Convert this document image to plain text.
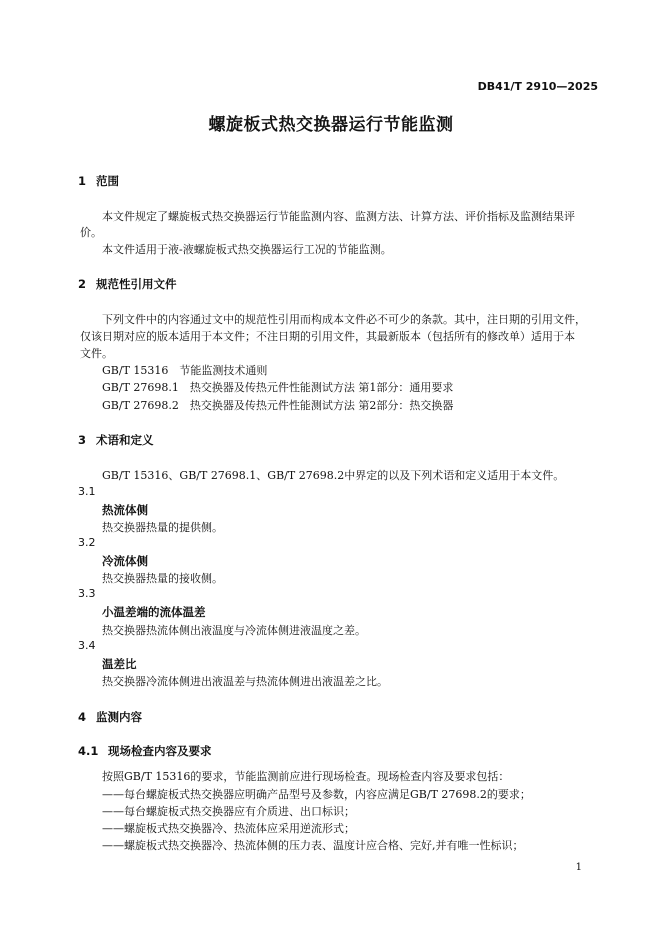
DB41/T 2910—2025
螺旋板式热交换器运行节能监测
1 范围
本文件规定了螺旋板式热交换器运行节能监测内容、监测方法、计算方法、评价指标及监测结果评
价。
本文件适用于液-液螺旋板式热交换器运行工况的节能监测。
2 规范性引用文件
下列文件中的内容通过文中的规范性引用而构成本文件必不可少的条款。其中，注日期的引用文件，
仅该日期对应的版本适用于本文件；不注日期的引用文件，其最新版本（包括所有的修改单）适用于本
文件。
GB/T 15316　节能监测技术通则
GB/T 27698.1　热交换器及传热元件性能测试方法 第1部分：通用要求
GB/T 27698.2　热交换器及传热元件性能测试方法 第2部分：热交换器
3 术语和定义
GB/T 15316、GB/T 27698.1、GB/T 27698.2中界定的以及下列术语和定义适用于本文件。
3.1
热流体侧
热交换器热量的提供侧。
3.2
冷流体侧
热交换器热量的接收侧。
3.3
小温差端的流体温差
热交换器热流体侧出液温度与冷流体侧进液温度之差。
3.4
温差比
热交换器冷流体侧进出液温差与热流体侧进出液温差之比。
4 监测内容
4.1 现场检查内容及要求
按照GB/T 15316的要求，节能监测前应进行现场检查。现场检查内容及要求包括：
——每台螺旋板式热交换器应明确产品型号及参数，内容应满足GB/T 27698.2的要求；
——每台螺旋板式热交换器应有介质进、出口标识；
——螺旋板式热交换器冷、热流体应采用逆流形式；
——螺旋板式热交换器冷、热流体侧的压力表、温度计应合格、完好,并有唯一性标识；
1
